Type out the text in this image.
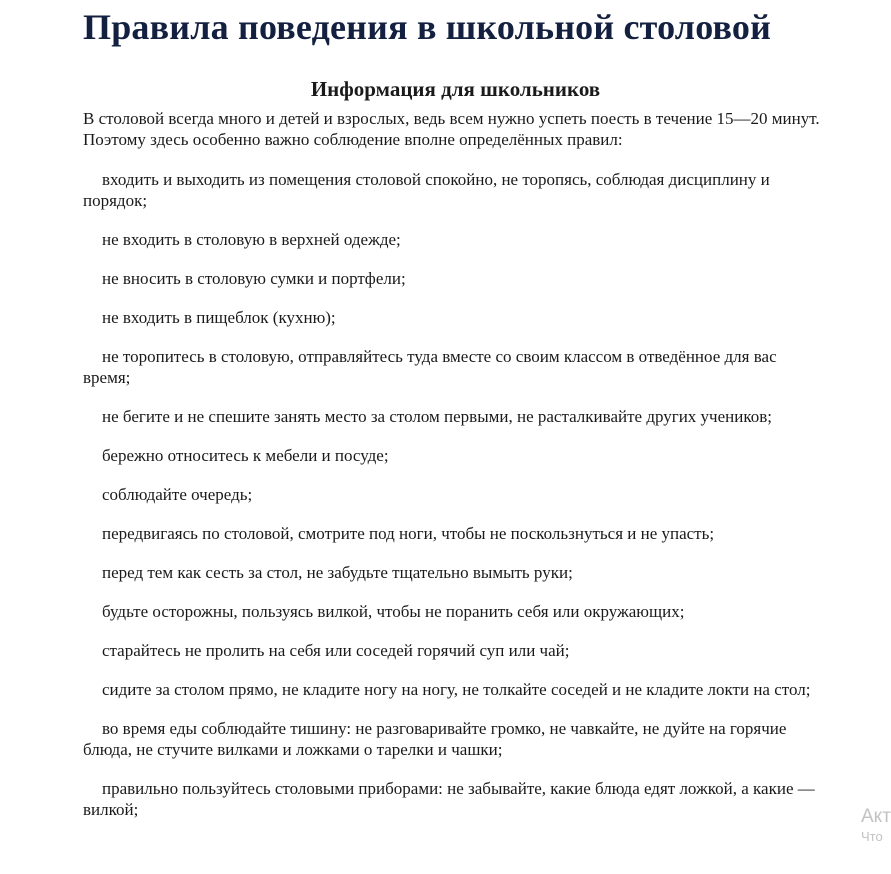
Правила поведения в школьной столовой
Информация для школьников

В столовой всегда много и детей и взрослых, ведь всем нужно успеть поесть в течение 15—20 минут. Поэтому здесь особенно важно соблюдение вполне определённых правил:

входить и выходить из помещения столовой спокойно, не торопясь, соблюдая дисциплину и порядок;
не входить в столовую в верхней одежде;
не вносить в столовую сумки и портфели;
не входить в пищеблок (кухню);
не торопитесь в столовую, отправляйтесь туда вместе со своим классом в отведённое для вас время;
не бегите и не спешите занять место за столом первыми, не расталкивайте других учеников;
бережно относитесь к мебели и посуде;
соблюдайте очередь;
передвигаясь по столовой, смотрите под ноги, чтобы не поскользнуться и не упасть;
перед тем как сесть за стол, не забудьте тщательно вымыть руки;
будьте осторожны, пользуясь вилкой, чтобы не поранить себя или окружающих;
старайтесь не пролить на себя или соседей горячий суп или чай;
сидите за столом прямо, не кладите ногу на ногу, не толкайте соседей и не кладите локти на стол;
во время еды соблюдайте тишину: не разговаривайте громко, не чавкайте, не дуйте на горячие блюда, не стучите вилками и ложками о тарелки и чашки;
правильно пользуйтесь столовыми приборами: не забывайте, какие блюда едят ложкой, а какие — вилкой;	Акт
Что
